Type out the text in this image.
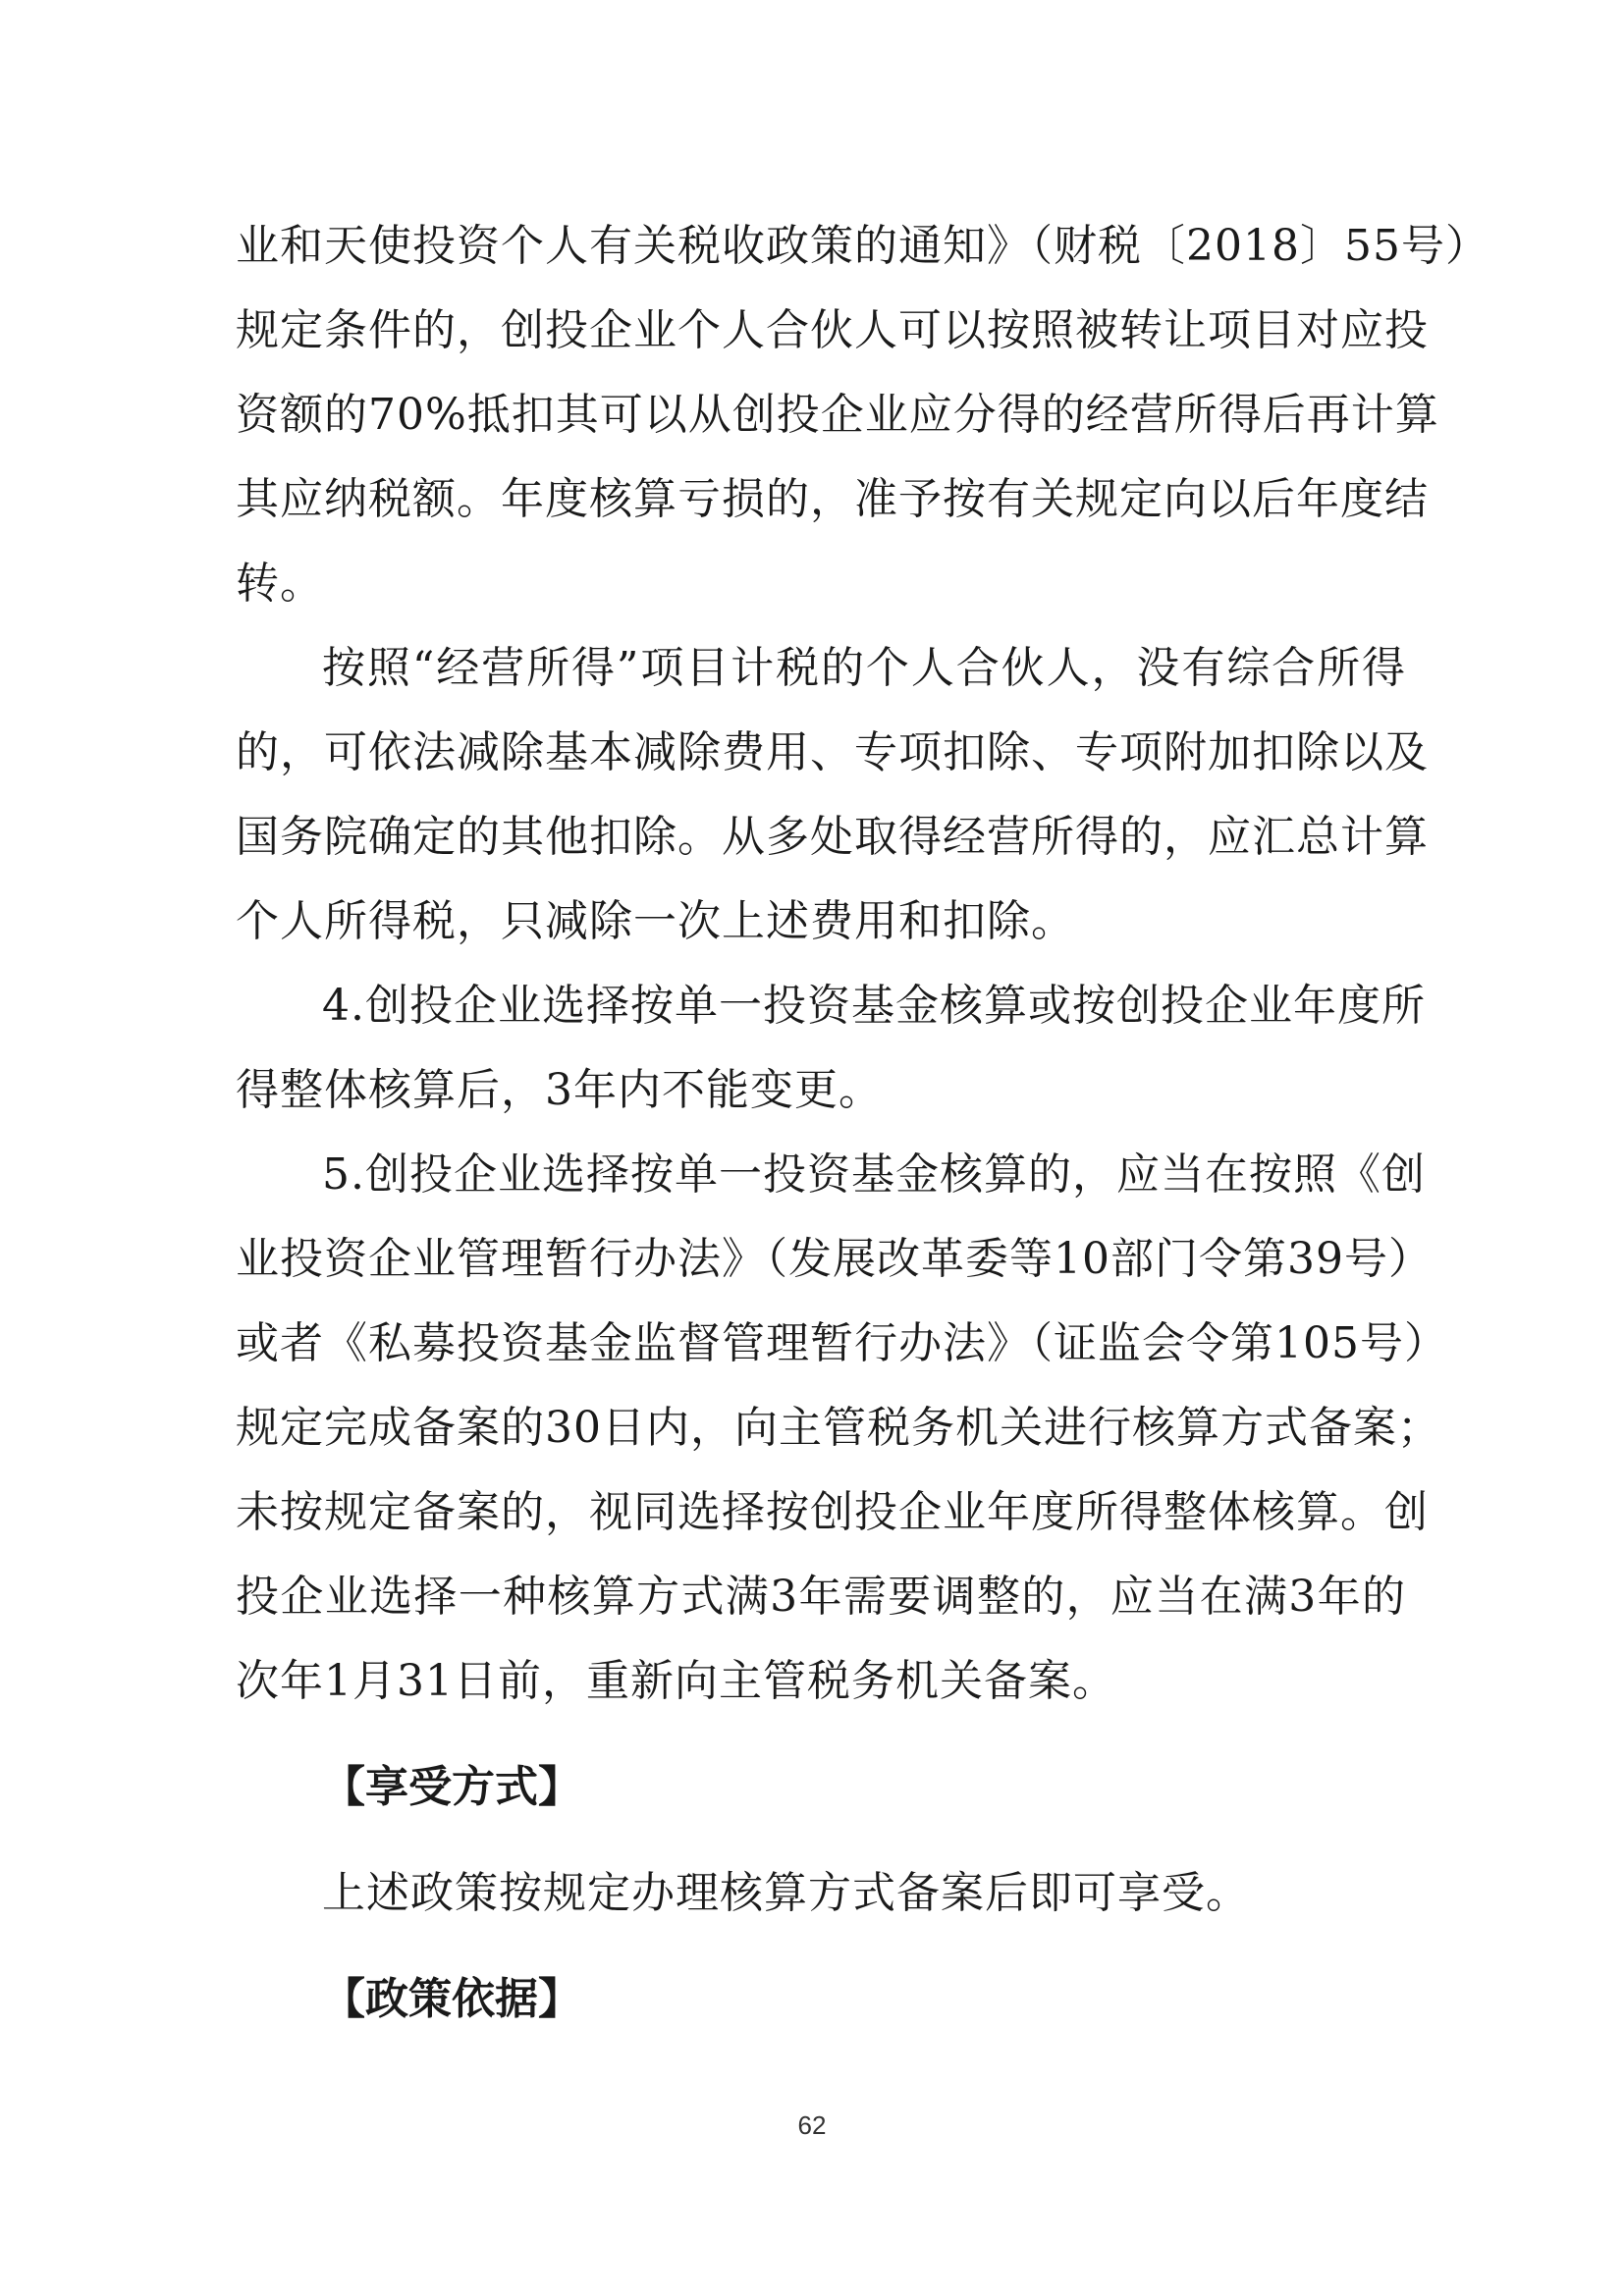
业和天使投资个人有关税收政策的通知》（财税〔2018〕55号）
规定条件的，创投企业个人合伙人可以按照被转让项目对应投
资额的70%抵扣其可以从创投企业应分得的经营所得后再计算
其应纳税额。年度核算亏损的，准予按有关规定向以后年度结
转。
按照“经营所得”项目计税的个人合伙人，没有综合所得
的，可依法减除基本减除费用、专项扣除、专项附加扣除以及
国务院确定的其他扣除。从多处取得经营所得的，应汇总计算
个人所得税，只减除一次上述费用和扣除。
4.创投企业选择按单一投资基金核算或按创投企业年度所
得整体核算后，3年内不能变更。
5.创投企业选择按单一投资基金核算的，应当在按照《创
业投资企业管理暂行办法》（发展改革委等10部门令第39号）
或者《私募投资基金监督管理暂行办法》（证监会令第105号）
规定完成备案的30日内，向主管税务机关进行核算方式备案；
未按规定备案的，视同选择按创投企业年度所得整体核算。创
投企业选择一种核算方式满3年需要调整的，应当在满3年的
次年1月31日前，重新向主管税务机关备案。
【享受方式】
上述政策按规定办理核算方式备案后即可享受。
【政策依据】
62
